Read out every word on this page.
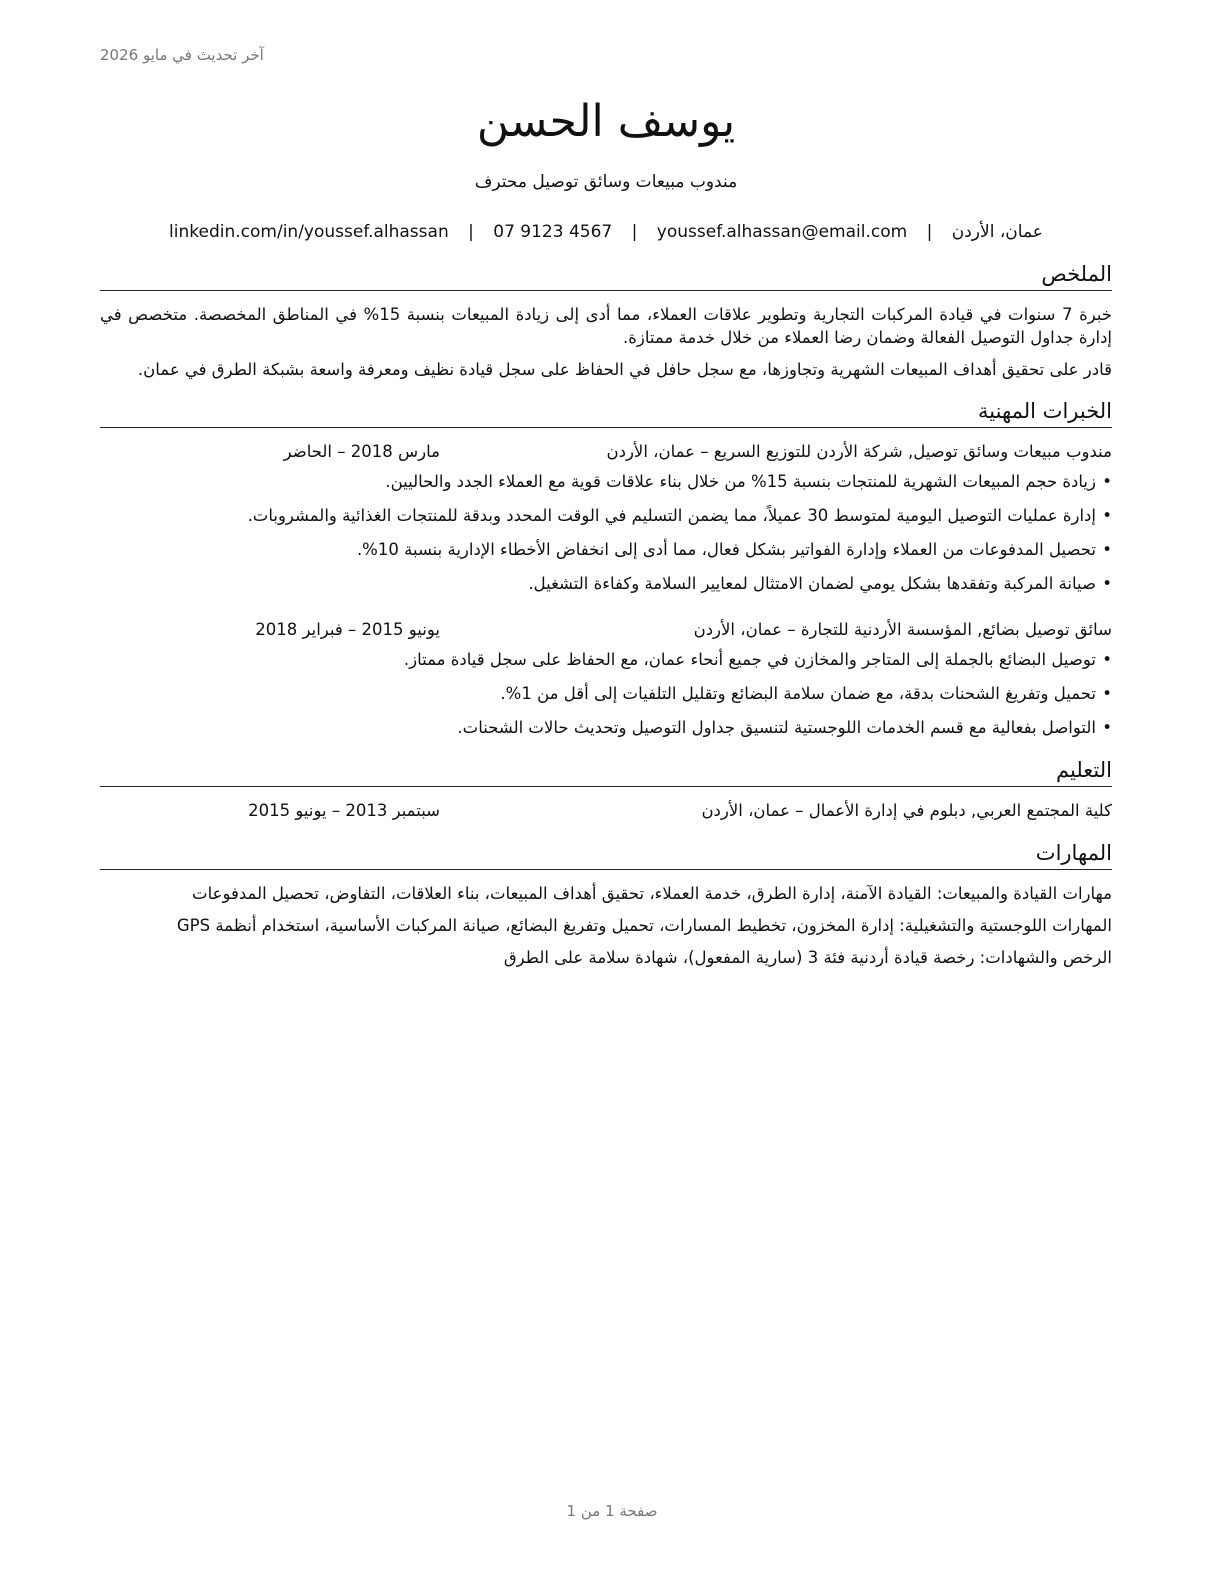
آخر تحديث في مايو 2026
يوسف الحسن
مندوب مبيعات وسائق توصيل محترف
عمان، الأردن | youssef.alhassan@email.com | 07 9123 4567 | linkedin.com/in/youssef.alhassan
الملخص

خبرة 7 سنوات في قيادة المركبات التجارية وتطوير علاقات العملاء، مما أدى إلى زيادة المبيعات بنسبة 15% في المناطق المخصصة. متخصص في إدارة جداول التوصيل الفعالة وضمان رضا العملاء من خلال خدمة ممتازة.

قادر على تحقيق أهداف المبيعات الشهرية وتجاوزها، مع سجل حافل في الحفاظ على سجل قيادة نظيف ومعرفة واسعة بشبكة الطرق في عمان.

الخبرات المهنية
مندوب مبيعات وسائق توصيل, شركة الأردن للتوزيع السريع – عمان، الأردن
مارس 2018 – الحاضر
• زيادة حجم المبيعات الشهرية للمنتجات بنسبة 15% من خلال بناء علاقات قوية مع العملاء الجدد والحاليين.
• إدارة عمليات التوصيل اليومية لمتوسط 30 عميلاً، مما يضمن التسليم في الوقت المحدد وبدقة للمنتجات الغذائية والمشروبات.
• تحصيل المدفوعات من العملاء وإدارة الفواتير بشكل فعال، مما أدى إلى انخفاض الأخطاء الإدارية بنسبة 10%.
• صيانة المركبة وتفقدها بشكل يومي لضمان الامتثال لمعايير السلامة وكفاءة التشغيل.
سائق توصيل بضائع, المؤسسة الأردنية للتجارة – عمان، الأردن
يونيو 2015 – فبراير 2018
• توصيل البضائع بالجملة إلى المتاجر والمخازن في جميع أنحاء عمان، مع الحفاظ على سجل قيادة ممتاز.
• تحميل وتفريغ الشحنات بدقة، مع ضمان سلامة البضائع وتقليل التلفيات إلى أقل من 1%.
• التواصل بفعالية مع قسم الخدمات اللوجستية لتنسيق جداول التوصيل وتحديث حالات الشحنات.
التعليم
كلية المجتمع العربي, دبلوم في إدارة الأعمال – عمان، الأردن
سبتمبر 2013 – يونيو 2015
المهارات

مهارات القيادة والمبيعات: القيادة الآمنة، إدارة الطرق، خدمة العملاء، تحقيق أهداف المبيعات، بناء العلاقات، التفاوض، تحصيل المدفوعات

المهارات اللوجستية والتشغيلية: إدارة المخزون، تخطيط المسارات، تحميل وتفريغ البضائع، صيانة المركبات الأساسية، استخدام أنظمة GPS

الرخص والشهادات: رخصة قيادة أردنية فئة 3 (سارية المفعول)، شهادة سلامة على الطرق

صفحة 1 من 1
